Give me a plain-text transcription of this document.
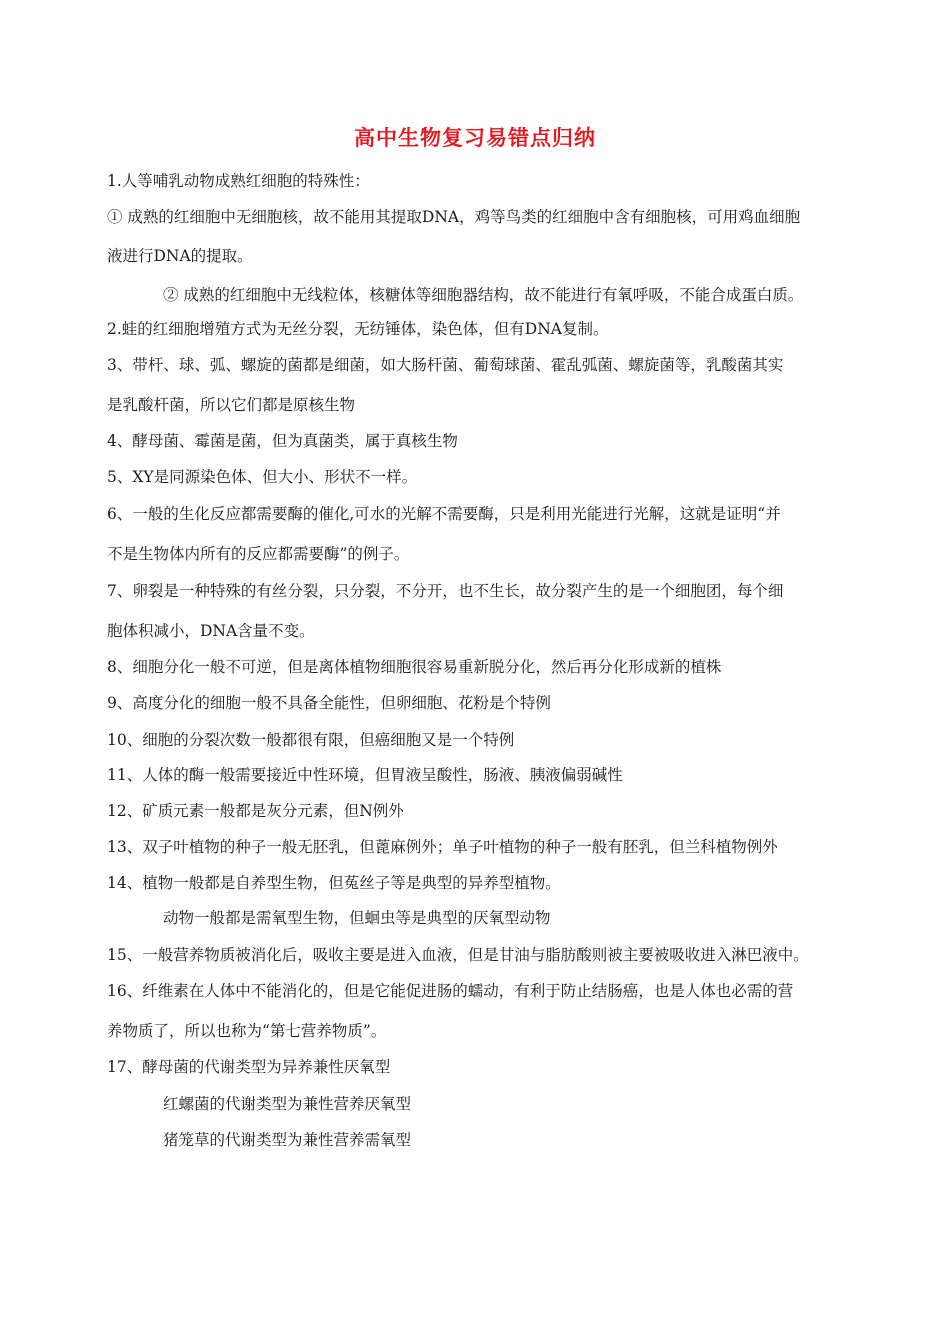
高中生物复习易错点归纳
1.人等哺乳动物成熟红细胞的特殊性：
① 成熟的红细胞中无细胞核，故不能用其提取DNA，鸡等鸟类的红细胞中含有细胞核，可用鸡血细胞
液进行DNA的提取。
② 成熟的红细胞中无线粒体，核糖体等细胞器结构，故不能进行有氧呼吸，不能合成蛋白质。
2.蛙的红细胞增殖方式为无丝分裂，无纺锤体，染色体，但有DNA复制。
3、带杆、球、弧、螺旋的菌都是细菌，如大肠杆菌、葡萄球菌、霍乱弧菌、螺旋菌等，乳酸菌其实
是乳酸杆菌，所以它们都是原核生物
4、酵母菌、霉菌是菌，但为真菌类，属于真核生物
5、XY是同源染色体、但大小、形状不一样。
6、一般的生化反应都需要酶的催化,可水的光解不需要酶，只是利用光能进行光解，这就是证明“并
不是生物体内所有的反应都需要酶”的例子。
7、卵裂是一种特殊的有丝分裂，只分裂，不分开，也不生长，故分裂产生的是一个细胞团，每个细
胞体积减小，DNA含量不变。
8、细胞分化一般不可逆，但是离体植物细胞很容易重新脱分化，然后再分化形成新的植株
9、高度分化的细胞一般不具备全能性，但卵细胞、花粉是个特例
10、细胞的分裂次数一般都很有限，但癌细胞又是一个特例
11、人体的酶一般需要接近中性环境，但胃液呈酸性，肠液、胰液偏弱碱性
12、矿质元素一般都是灰分元素，但N例外
13、双子叶植物的种子一般无胚乳，但蓖麻例外；单子叶植物的种子一般有胚乳，但兰科植物例外
14、植物一般都是自养型生物，但菟丝子等是典型的异养型植物。
动物一般都是需氧型生物，但蛔虫等是典型的厌氧型动物
15、一般营养物质被消化后，吸收主要是进入血液，但是甘油与脂肪酸则被主要被吸收进入淋巴液中。
16、纤维素在人体中不能消化的，但是它能促进肠的蠕动，有利于防止结肠癌，也是人体也必需的营
养物质了，所以也称为“第七营养物质”。
17、酵母菌的代谢类型为异养兼性厌氧型
红螺菌的代谢类型为兼性营养厌氧型
猪笼草的代谢类型为兼性营养需氧型
